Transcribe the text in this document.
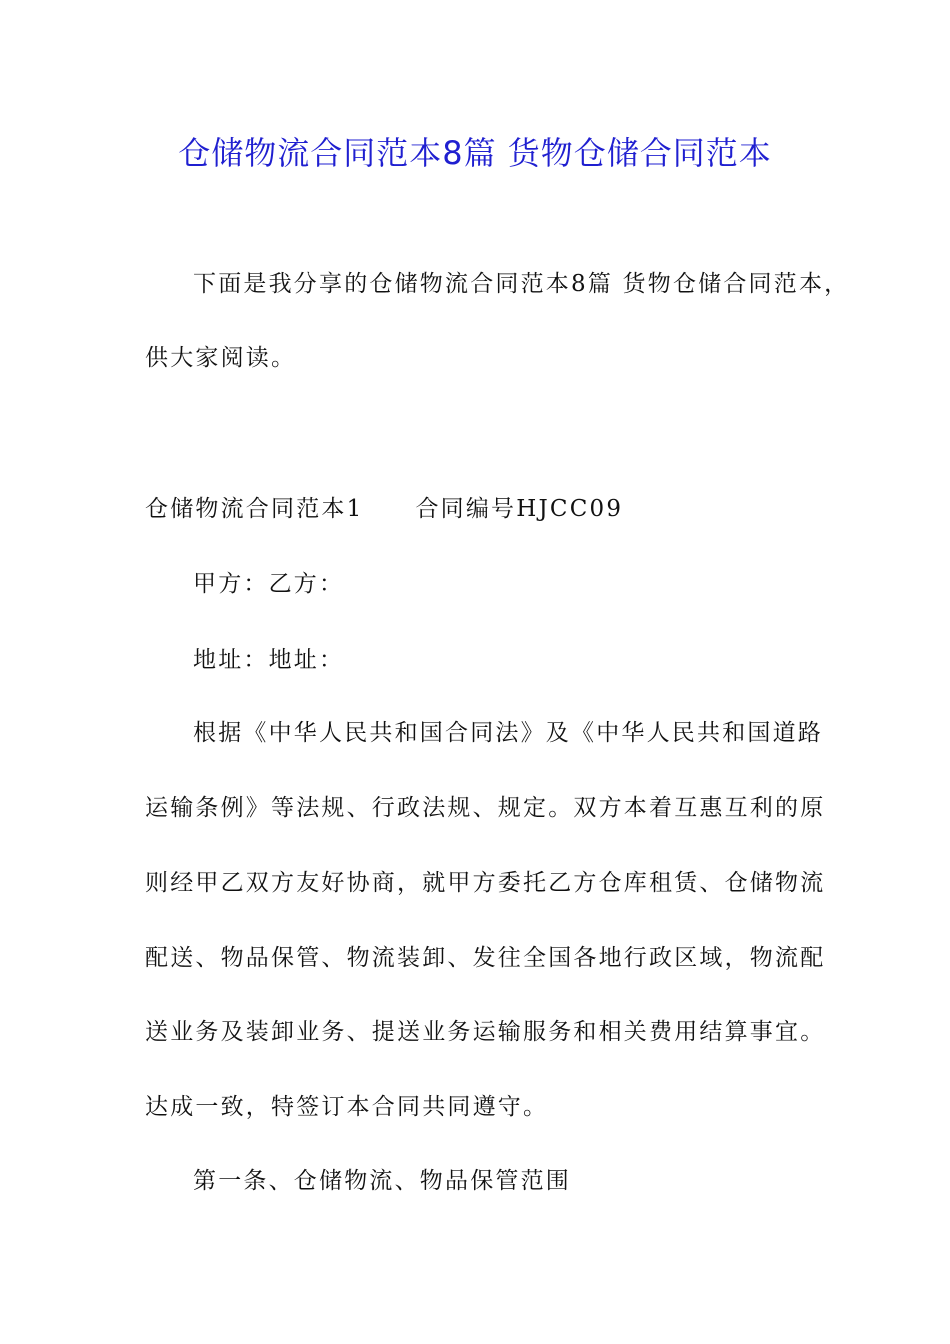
仓储物流合同范本8篇 货物仓储合同范本
下面是我分享的仓储物流合同范本8篇 货物仓储合同范本，
供大家阅读。
仓储物流合同范本1 合同编号HJCC09
甲方：乙方：
地址：地址：
根据《中华人民共和国合同法》及《中华人民共和国道路
运输条例》等法规、行政法规、规定。双方本着互惠互利的原
则经甲乙双方友好协商，就甲方委托乙方仓库租赁、仓储物流
配送、物品保管、物流装卸、发往全国各地行政区域，物流配
送业务及装卸业务、提送业务运输服务和相关费用结算事宜。
达成一致，特签订本合同共同遵守。
第一条、仓储物流、物品保管范围
